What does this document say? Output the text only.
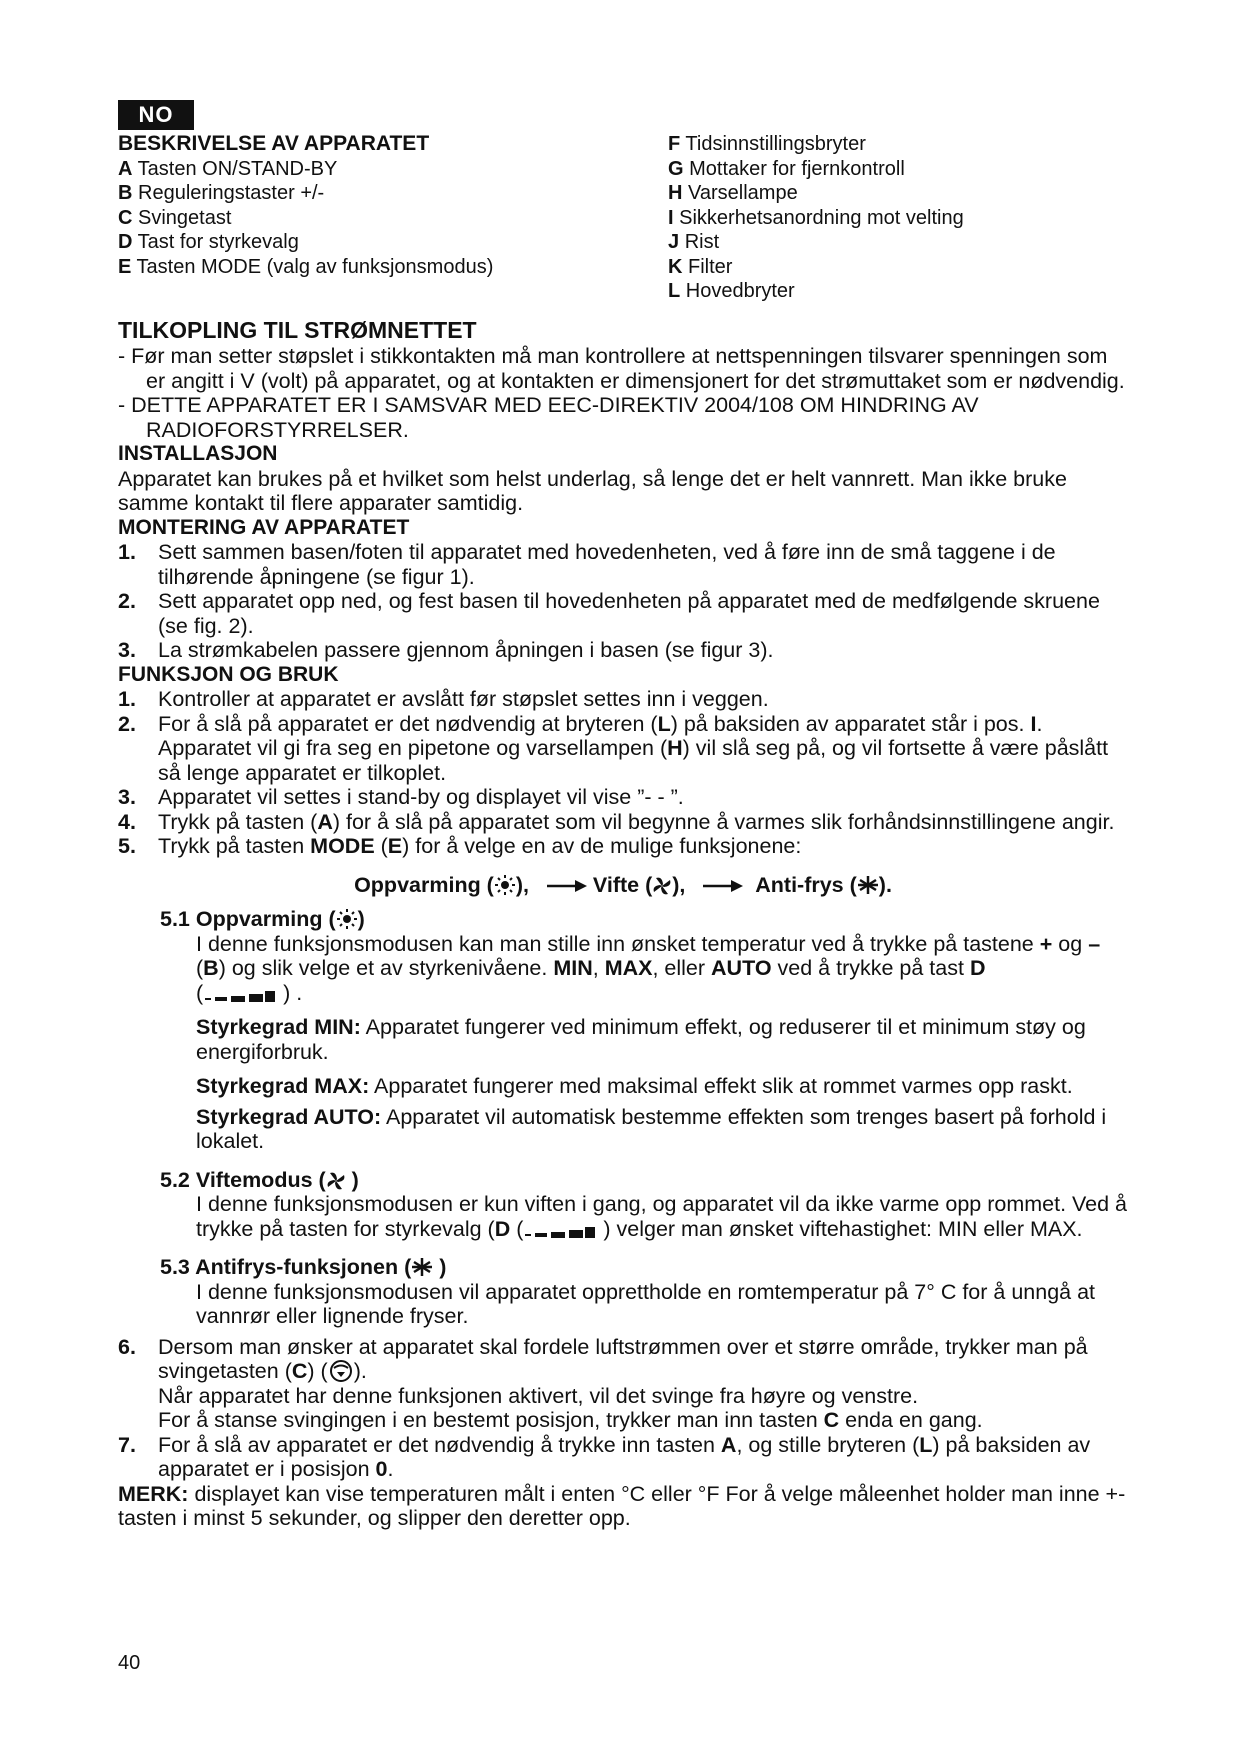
NO
BESKRIVELSE AV APPARATET
A Tasten ON/STAND-BY
B Reguleringstaster +/-
C Svingetast
D Tast for styrkevalg
E Tasten MODE (valg av funksjonsmodus)
F Tidsinnstillingsbryter
G Mottaker for fjernkontroll
H Varsellampe
I Sikkerhetsanordning mot velting
J Rist
K Filter
L Hovedbryter
TILKOPLING TIL STRØMNETTET

- Før man setter støpslet i stikkontakten må man kontrollere at nettspenningen tilsvarer spenningen som er angitt i V (volt) på apparatet, og at kontakten er dimensjonert for det strømuttaket som er nødvendig.

- DETTE APPARATET ER I SAMSVAR MED EEC-DIREKTIV 2004/108 OM HINDRING AV RADIOFORSTYRRELSER.

INSTALLASJON

Apparatet kan brukes på et hvilket som helst underlag, så lenge det er helt vannrett. Man ikke bruke samme kontakt til flere apparater samtidig.

MONTERING AV APPARATET
1. Sett sammen basen/foten til apparatet med hovedenheten, ved å føre inn de små taggene i de tilhørende åpningene (se figur 1).
2. Sett apparatet opp ned, og fest basen til hovedenheten på apparatet med de medfølgende skruene (se fig. 2).
3. La strømkabelen passere gjennom åpningen i basen (se figur 3).
FUNKSJON OG BRUK
1. Kontroller at apparatet er avslått før støpslet settes inn i veggen.
2. For å slå på apparatet er det nødvendig at bryteren (L) på baksiden av apparatet står i pos. I. Apparatet vil gi fra seg en pipetone og varsellampen (H) vil slå seg på, og vil fortsette å være påslått så lenge apparatet er tilkoplet.
3. Apparatet vil settes i stand-by og displayet vil vise ”- - ”.
4. Trykk på tasten (A) for å slå på apparatet som vil begynne å varmes slik forhåndsinnstillingene angir.
5. Trykk på tasten MODE (E) for å velge en av de mulige funksjonene:
Oppvarming ( ),	Vifte ( ),	Anti-frys ( ).
5.1 Oppvarming ( )

I denne funksjonsmodusen kan man stille inn ønsket temperatur ved å trykke på tastene + og – (B) og slik velge et av styrkenivåene. MIN, MAX, eller AUTO ved å trykke på tast D
(	) .

Styrkegrad MIN: Apparatet fungerer ved minimum effekt, og reduserer til et minimum støy og energiforbruk.

Styrkegrad MAX: Apparatet fungerer med maksimal effekt slik at rommet varmes opp raskt.

Styrkegrad AUTO: Apparatet vil automatisk bestemme effekten som trenges basert på forhold i lokalet.

5.2 Viftemodus ( )

I denne funksjonsmodusen er kun viften i gang, og apparatet vil da ikke varme opp rommet. Ved å trykke på tasten for styrkevalg (D (	) velger man ønsket viftehastighet: MIN eller MAX.

5.3 Antifrys-funksjonen ( )

I denne funksjonsmodusen vil apparatet opprettholde en romtemperatur på 7° C for å unngå at vannrør eller lignende fryser.

6. Dersom man ønsker at apparatet skal fordele luftstrømmen over et større område, trykker man på svingetasten (C) ( ).
Når apparatet har denne funksjonen aktivert, vil det svinge fra høyre og venstre.
For å stanse svingingen i en bestemt posisjon, trykker man inn tasten C enda en gang.
7. For å slå av apparatet er det nødvendig å trykke inn tasten A, og stille bryteren (L) på baksiden av apparatet er i posisjon 0.

MERK: displayet kan vise temperaturen målt i enten °C eller °F For å velge måleenhet holder man inne +-tasten i minst 5 sekunder, og slipper den deretter opp.

40
